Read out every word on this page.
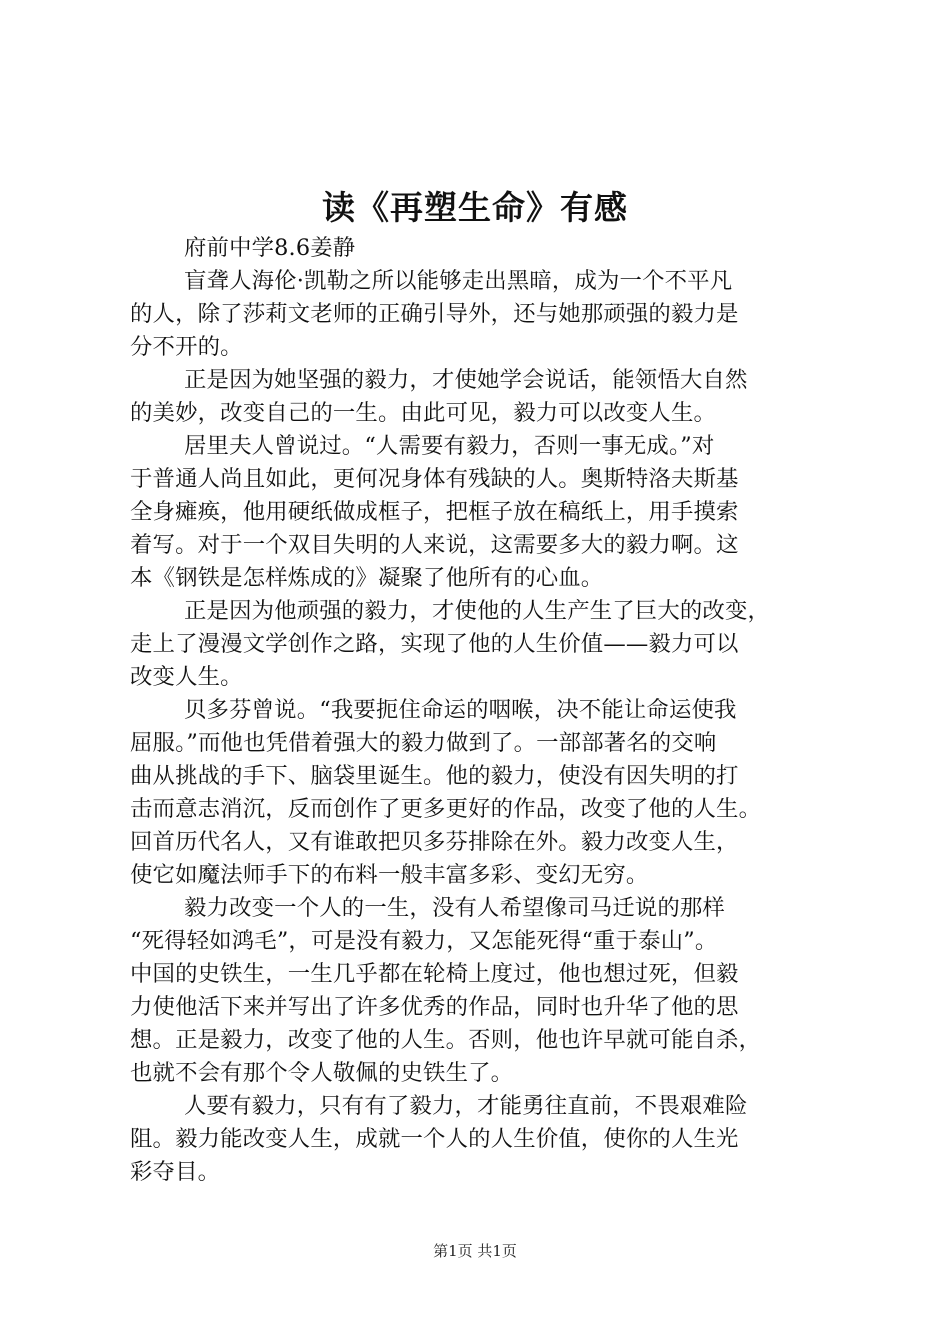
读《再塑生命》有感
府前中学8.6姜静
盲聋人海伦·凯勒之所以能够走出黑暗，成为一个不平凡
的人，除了莎莉文老师的正确引导外，还与她那顽强的毅力是
分不开的。
正是因为她坚强的毅力，才使她学会说话，能领悟大自然
的美妙，改变自己的一生。由此可见，毅力可以改变人生。
居里夫人曾说过。“人需要有毅力，否则一事无成。”对
于普通人尚且如此，更何况身体有残缺的人。奥斯特洛夫斯基
全身瘫痪，他用硬纸做成框子，把框子放在稿纸上，用手摸索
着写。对于一个双目失明的人来说，这需要多大的毅力啊。这
本《钢铁是怎样炼成的》凝聚了他所有的心血。
正是因为他顽强的毅力，才使他的人生产生了巨大的改变，
走上了漫漫文学创作之路，实现了他的人生价值——毅力可以
改变人生。
贝多芬曾说。“我要扼住命运的咽喉，决不能让命运使我
屈服。”而他也凭借着强大的毅力做到了。一部部著名的交响
曲从挑战的手下、脑袋里诞生。他的毅力，使没有因失明的打
击而意志消沉，反而创作了更多更好的作品，改变了他的人生。
回首历代名人，又有谁敢把贝多芬排除在外。毅力改变人生，
使它如魔法师手下的布料一般丰富多彩、变幻无穷。
毅力改变一个人的一生，没有人希望像司马迁说的那样
“死得轻如鸿毛”，可是没有毅力，又怎能死得“重于泰山”。
中国的史铁生，一生几乎都在轮椅上度过，他也想过死，但毅
力使他活下来并写出了许多优秀的作品，同时也升华了他的思
想。正是毅力，改变了他的人生。否则，他也许早就可能自杀，
也就不会有那个令人敬佩的史铁生了。
人要有毅力，只有有了毅力，才能勇往直前，不畏艰难险
阻。毅力能改变人生，成就一个人的人生价值，使你的人生光
彩夺目。
第1页 共1页
